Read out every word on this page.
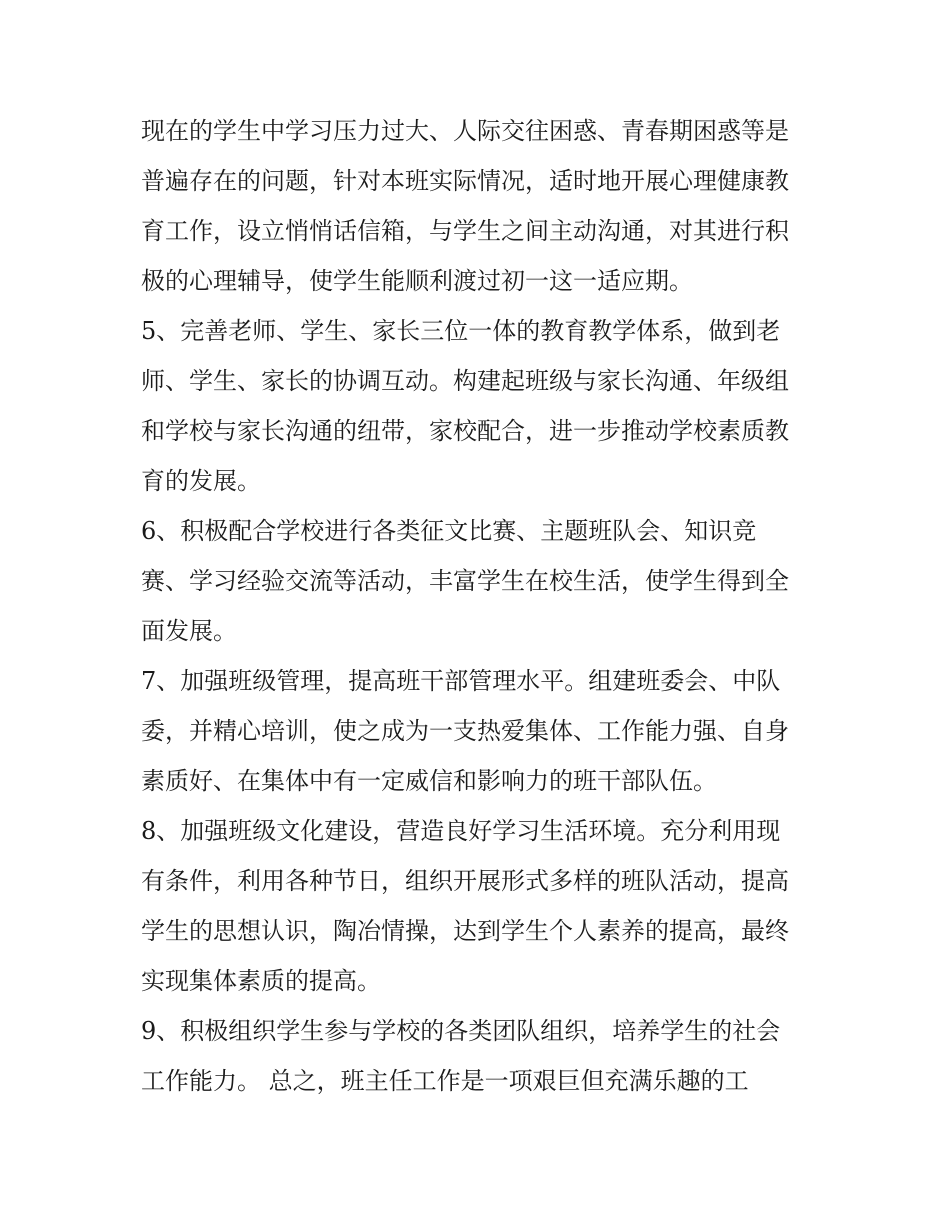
现在的学生中学习压力过大、人际交往困惑、青春期困惑等是
普遍存在的问题，针对本班实际情况，适时地开展心理健康教
育工作，设立悄悄话信箱，与学生之间主动沟通，对其进行积
极的心理辅导，使学生能顺利渡过初一这一适应期。
5、完善老师、学生、家长三位一体的教育教学体系，做到老
师、学生、家长的协调互动。构建起班级与家长沟通、年级组
和学校与家长沟通的纽带，家校配合，进一步推动学校素质教
育的发展。
6、积极配合学校进行各类征文比赛、主题班队会、知识竞
赛、学习经验交流等活动，丰富学生在校生活，使学生得到全
面发展。
7、加强班级管理，提高班干部管理水平。组建班委会、中队
委，并精心培训，使之成为一支热爱集体、工作能力强、自身
素质好、在集体中有一定威信和影响力的班干部队伍。
8、加强班级文化建设，营造良好学习生活环境。充分利用现
有条件，利用各种节日，组织开展形式多样的班队活动，提高
学生的思想认识，陶冶情操，达到学生个人素养的提高，最终
实现集体素质的提高。
9、积极组织学生参与学校的各类团队组织，培养学生的社会
工作能力。 总之，班主任工作是一项艰巨但充满乐趣的工
